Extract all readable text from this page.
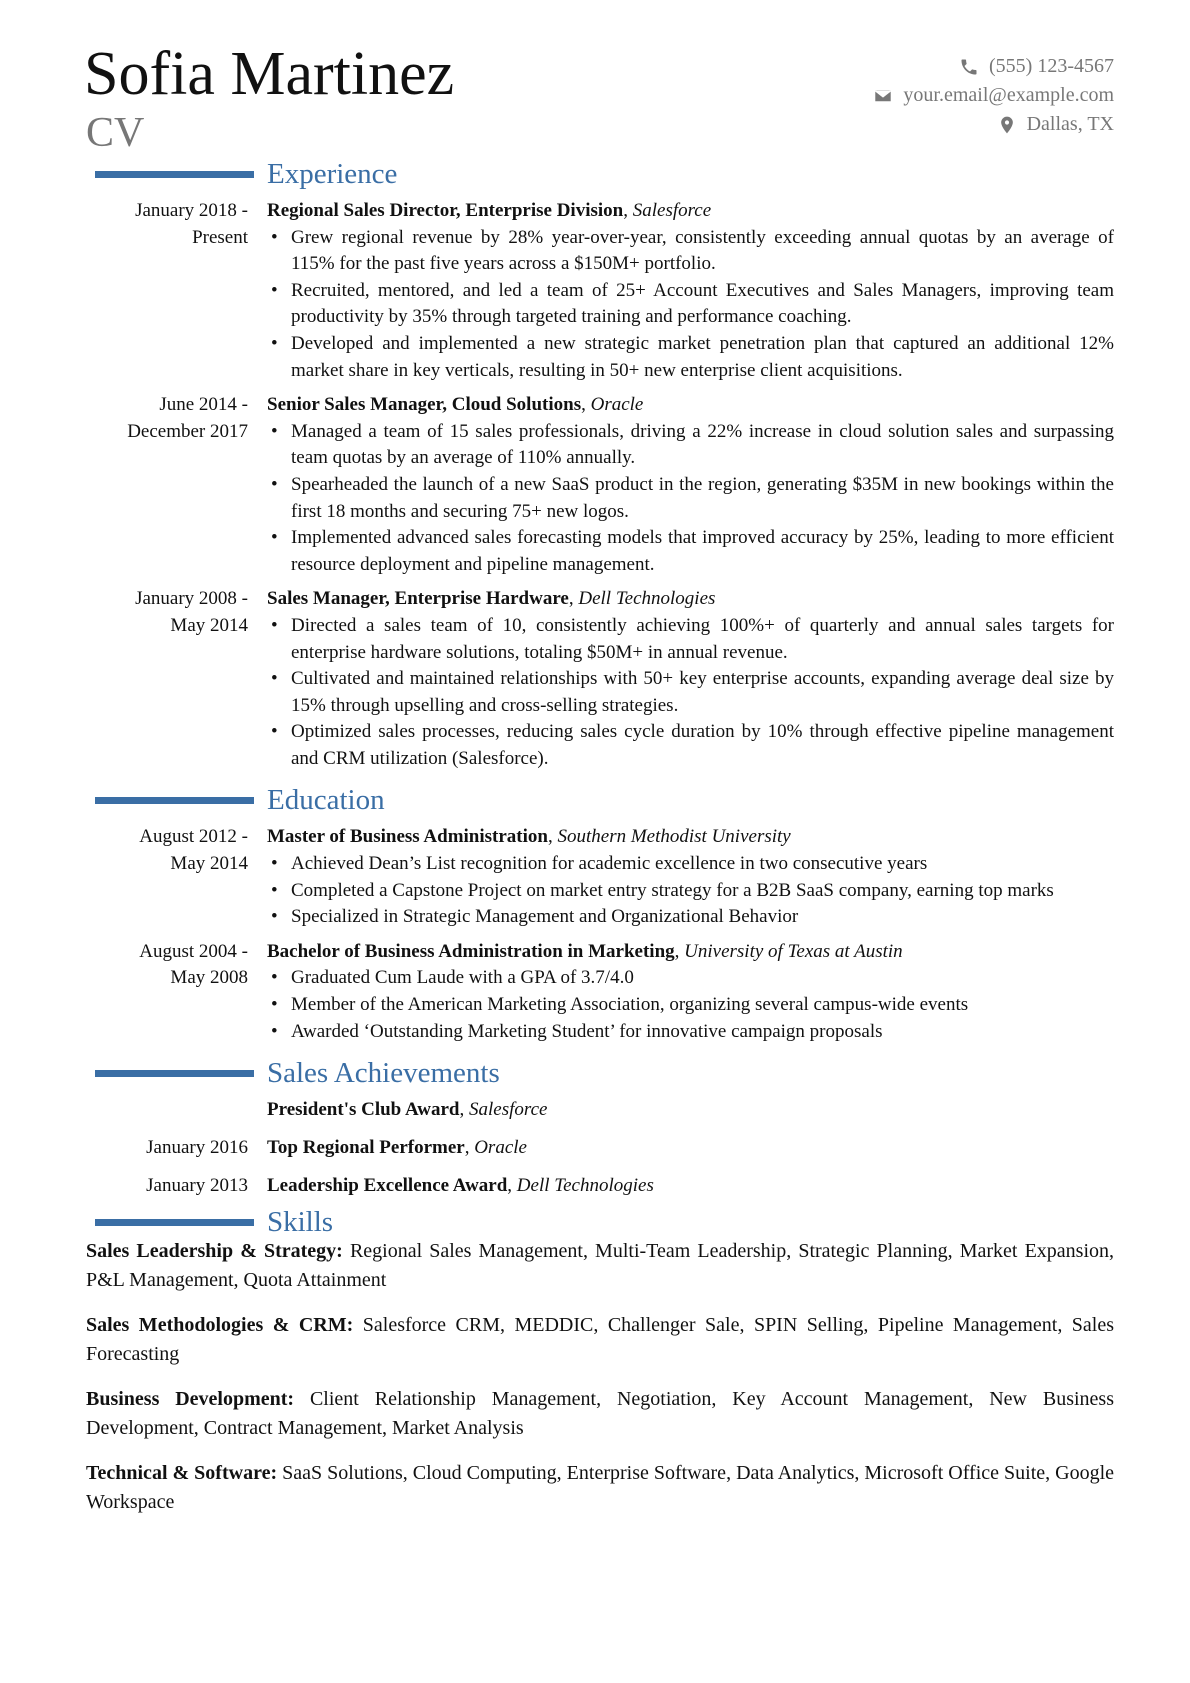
Sofia Martinez
CV
(555) 123-4567
your.email@example.com
Dallas, TX
Experience
January 2018 -
Present
Regional Sales Director, Enterprise Division, Salesforce
• Grew regional revenue by 28% year-over-year, consistently exceeding annual quotas by an average of 115% for the past five years across a $150M+ portfolio.
• Recruited, mentored, and led a team of 25+ Account Executives and Sales Managers, improving team productivity by 35% through targeted training and performance coaching.
• Developed and implemented a new strategic market penetration plan that captured an additional 12% market share in key verticals, resulting in 50+ new enterprise client acquisitions.
June 2014 -
December 2017
Senior Sales Manager, Cloud Solutions, Oracle
• Managed a team of 15 sales professionals, driving a 22% increase in cloud solution sales and surpassing team quotas by an average of 110% annually.
• Spearheaded the launch of a new SaaS product in the region, generating $35M in new bookings within the first 18 months and securing 75+ new logos.
• Implemented advanced sales forecasting models that improved accuracy by 25%, leading to more efficient resource deployment and pipeline management.
January 2008 -
May 2014
Sales Manager, Enterprise Hardware, Dell Technologies
• Directed a sales team of 10, consistently achieving 100%+ of quarterly and annual sales targets for enterprise hardware solutions, totaling $50M+ in annual revenue.
• Cultivated and maintained relationships with 50+ key enterprise accounts, expanding average deal size by 15% through upselling and cross-selling strategies.
• Optimized sales processes, reducing sales cycle duration by 10% through effective pipeline management and CRM utilization (Salesforce).
Education
August 2012 -
May 2014
Master of Business Administration, Southern Methodist University
• Achieved Dean’s List recognition for academic excellence in two consecutive years
• Completed a Capstone Project on market entry strategy for a B2B SaaS company, earning top marks
• Specialized in Strategic Management and Organizational Behavior
August 2004 -
May 2008
Bachelor of Business Administration in Marketing, University of Texas at Austin
• Graduated Cum Laude with a GPA of 3.7/4.0
• Member of the American Marketing Association, organizing several campus-wide events
• Awarded ‘Outstanding Marketing Student’ for innovative campaign proposals
Sales Achievements
President's Club Award, Salesforce
January 2016	Top Regional Performer, Oracle
January 2013	Leadership Excellence Award, Dell Technologies
Skills

Sales Leadership & Strategy: Regional Sales Management, Multi-Team Leadership, Strategic Planning, Market Expansion, P&L Management, Quota Attainment

Sales Methodologies & CRM: Salesforce CRM, MEDDIC, Challenger Sale, SPIN Selling, Pipeline Management, Sales Forecasting

Business Development: Client Relationship Management, Negotiation, Key Account Management, New Business Development, Contract Management, Market Analysis

Technical & Software: SaaS Solutions, Cloud Computing, Enterprise Software, Data Analytics, Microsoft Office Suite, Google Workspace
